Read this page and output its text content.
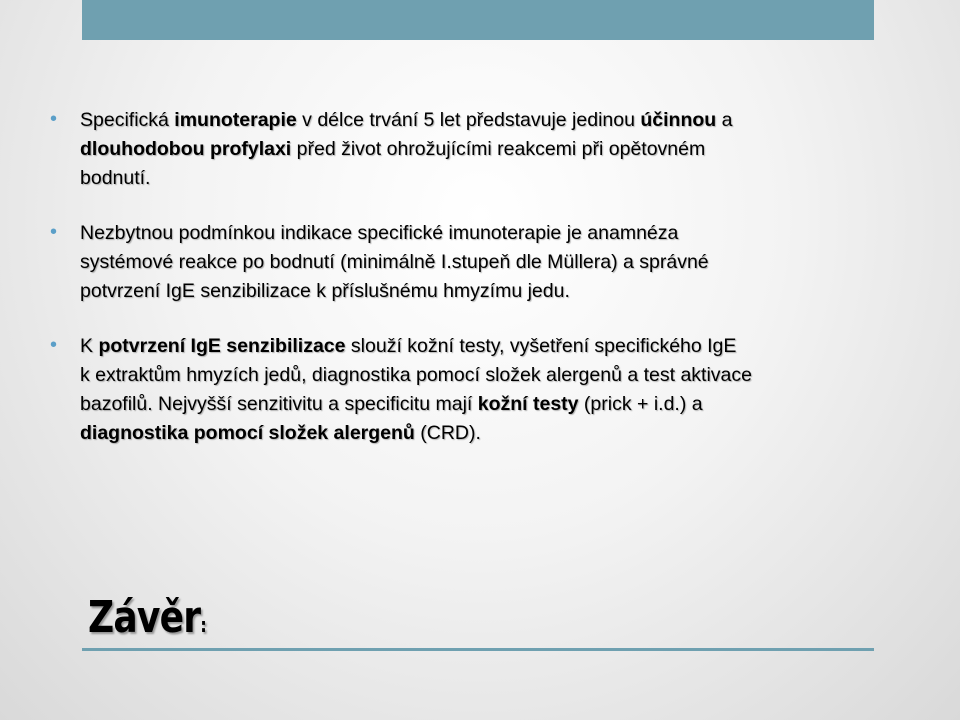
• Specifická imunoterapie v délce trvání 5 let představuje jedinou účinnou a
dlouhodobou profylaxi před život ohrožujícími reakcemi při opětovném
bodnutí.
• Nezbytnou podmínkou indikace specifické imunoterapie je anamnéza
systémové reakce po bodnutí (minimálně I.stupeň dle Müllera) a správné
potvrzení IgE senzibilizace k příslušnému hmyzímu jedu.
• K potvrzení IgE senzibilizace slouží kožní testy, vyšetření specifického IgE
k extraktům hmyzích jedů, diagnostika pomocí složek alergenů a test aktivace
bazofilů. Nejvyšší senzitivitu a specificitu mají kožní testy (prick + i.d.) a
diagnostika pomocí složek alergenů (CRD).
Závěr:
